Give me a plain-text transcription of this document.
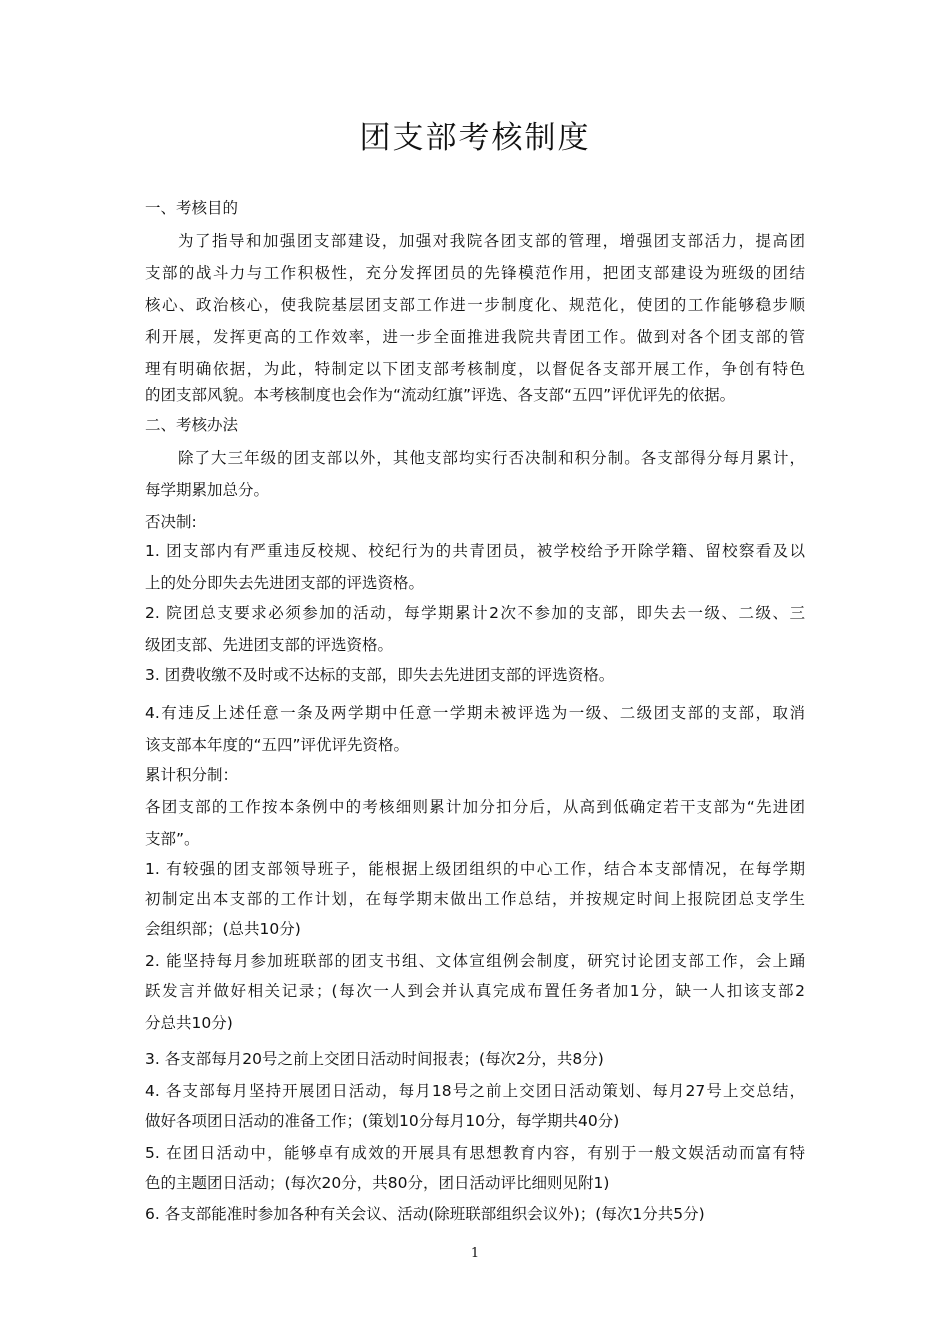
团支部考核制度
一、考核目的
为了指导和加强团支部建设，加强对我院各团支部的管理，增强团支部活力，提高团
支部的战斗力与工作积极性，充分发挥团员的先锋模范作用，把团支部建设为班级的团结
核心、政治核心，使我院基层团支部工作进一步制度化、规范化，使团的工作能够稳步顺
利开展，发挥更高的工作效率，进一步全面推进我院共青团工作。做到对各个团支部的管
理有明确依据，为此，特制定以下团支部考核制度，以督促各支部开展工作，争创有特色
的团支部风貌。本考核制度也会作为“流动红旗”评选、各支部“五四”评优评先的依据。
二、考核办法
除了大三年级的团支部以外，其他支部均实行否决制和积分制。各支部得分每月累计，
每学期累加总分。
否决制:
1. 团支部内有严重违反校规、校纪行为的共青团员，被学校给予开除学籍、留校察看及以
上的处分即失去先进团支部的评选资格。
2. 院团总支要求必须参加的活动，每学期累计2次不参加的支部，即失去一级、二级、三
级团支部、先进团支部的评选资格。
3. 团费收缴不及时或不达标的支部，即失去先进团支部的评选资格。
4.有违反上述任意一条及两学期中任意一学期未被评选为一级、二级团支部的支部，取消
该支部本年度的“五四”评优评先资格。
累计积分制：
各团支部的工作按本条例中的考核细则累计加分扣分后，从高到低确定若干支部为“先进团
支部”。
1. 有较强的团支部领导班子，能根据上级团组织的中心工作，结合本支部情况，在每学期
初制定出本支部的工作计划，在每学期末做出工作总结，并按规定时间上报院团总支学生
会组织部；(总共10分)
2. 能坚持每月参加班联部的团支书组、文体宣组例会制度，研究讨论团支部工作，会上踊
跃发言并做好相关记录；(每次一人到会并认真完成布置任务者加1分，缺一人扣该支部2
分总共10分)
3. 各支部每月20号之前上交团日活动时间报表；(每次2分，共8分)
4. 各支部每月坚持开展团日活动，每月18号之前上交团日活动策划、每月27号上交总结，
做好各项团日活动的准备工作；(策划10分每月10分，每学期共40分)
5. 在团日活动中，能够卓有成效的开展具有思想教育内容，有别于一般文娱活动而富有特
色的主题团日活动；(每次20分，共80分，团日活动评比细则见附1)
6. 各支部能准时参加各种有关会议、活动(除班联部组织会议外)；(每次1分共5分)
1
